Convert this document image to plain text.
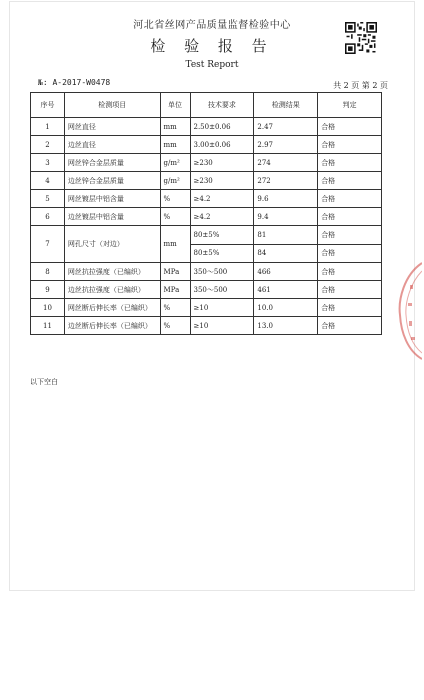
河北省丝网产品质量监督检验中心
检 验 报 告
Test Report
№: A-2017-W0478	共 2 页 第 2 页
序号	检测项目	单位	技术要求	检测结果	判定
1	网丝直径	mm	2.50±0.06	2.47	合格
2	边丝直径	mm	3.00±0.06	2.97	合格
3	网丝锌合金层质量	g/m²	≥230	274	合格
4	边丝锌合金层质量	g/m²	≥230	272	合格
5	网丝镀层中铝含量	%	≥4.2	9.6	合格
6	边丝镀层中铝含量	%	≥4.2	9.4	合格
7	网孔尺寸（对边）	mm	80±5%	81	合格
			80±5%	84	合格
8	网丝抗拉强度（已编织）	MPa	350～500	466	合格
9	边丝抗拉强度（已编织）	MPa	350～500	461	合格
10	网丝断后伸长率（已编织）	%	≥10	10.0	合格
11	边丝断后伸长率（已编织）	%	≥10	13.0	合格
以下空白
